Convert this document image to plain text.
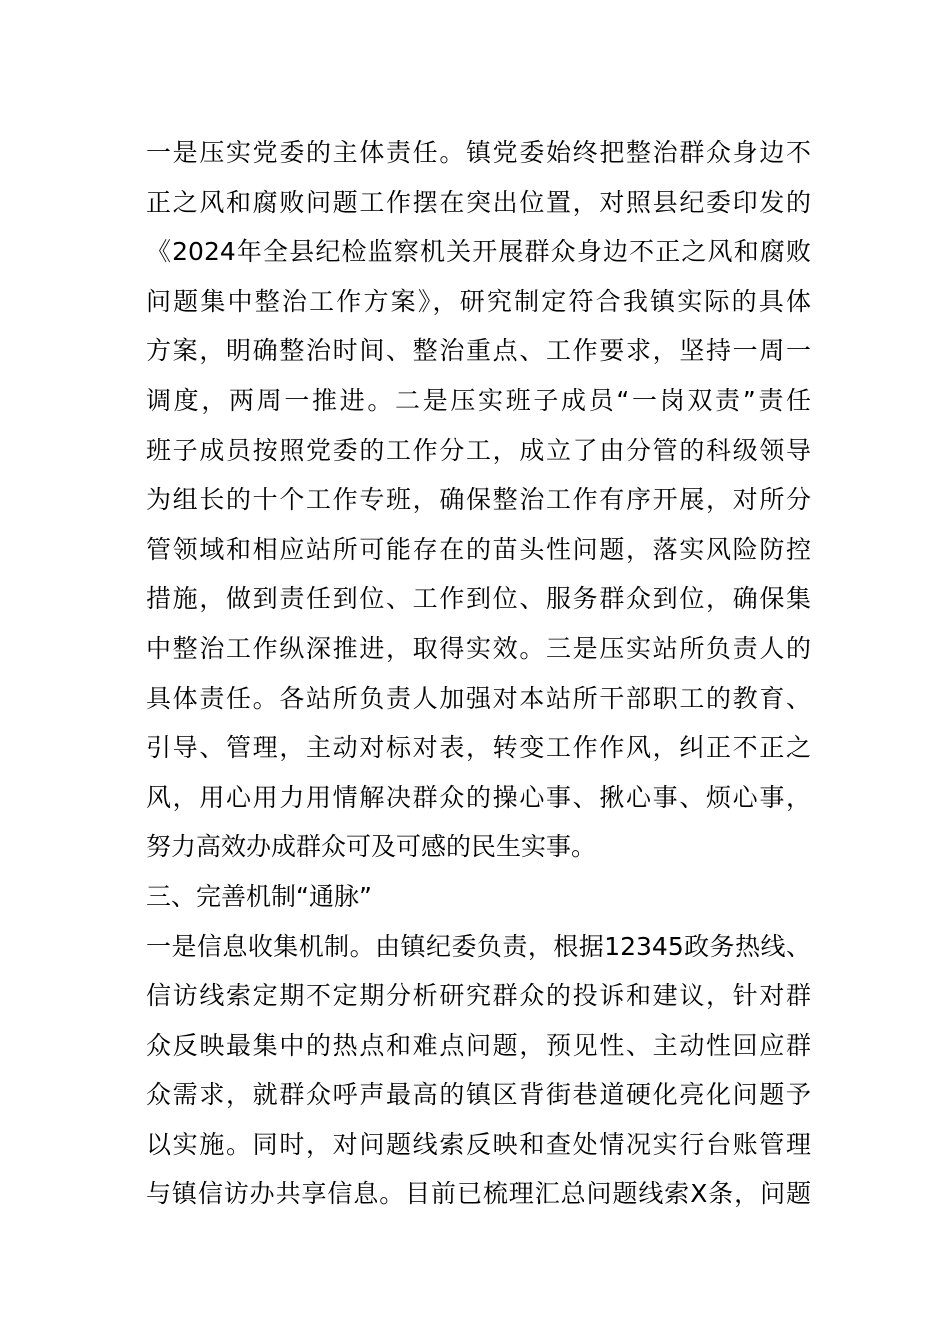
一是压实党委的主体责任。镇党委始终把整治群众身边不
正之风和腐败问题工作摆在突出位置，对照县纪委印发的
《2024年全县纪检监察机关开展群众身边不正之风和腐败
问题集中整治工作方案》，研究制定符合我镇实际的具体
方案，明确整治时间、整治重点、工作要求，坚持一周一
调度，两周一推进。二是压实班子成员“一岗双责”责任
班子成员按照党委的工作分工，成立了由分管的科级领导
为组长的十个工作专班，确保整治工作有序开展，对所分
管领域和相应站所可能存在的苗头性问题，落实风险防控
措施，做到责任到位、工作到位、服务群众到位，确保集
中整治工作纵深推进，取得实效。三是压实站所负责人的
具体责任。各站所负责人加强对本站所干部职工的教育、
引导、管理，主动对标对表，转变工作作风，纠正不正之
风，用心用力用情解决群众的操心事、揪心事、烦心事，
努力高效办成群众可及可感的民生实事。
三、完善机制“通脉”
一是信息收集机制。由镇纪委负责，根据12345政务热线、
信访线索定期不定期分析研究群众的投诉和建议，针对群
众反映最集中的热点和难点问题，预见性、主动性回应群
众需求，就群众呼声最高的镇区背街巷道硬化亮化问题予
以实施。同时，对问题线索反映和查处情况实行台账管理
与镇信访办共享信息。目前已梳理汇总问题线索X条，问题
